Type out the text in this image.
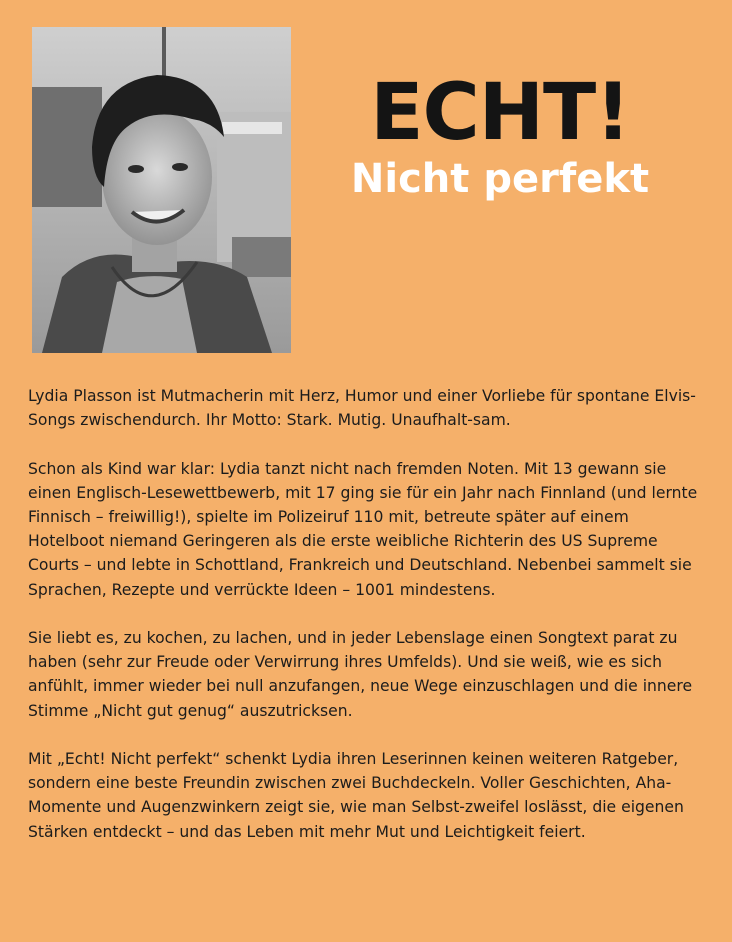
ECHT!
Nicht perfekt

Lydia Plasson ist Mutmacherin mit Herz, Humor und einer Vorliebe für spontane Elvis-Songs zwischendurch. Ihr Motto: Stark. Mutig. Unaufhalt-sam.

Schon als Kind war klar: Lydia tanzt nicht nach fremden Noten. Mit 13 gewann sie einen Englisch-Lesewettbewerb, mit 17 ging sie für ein Jahr nach Finnland (und lernte Finnisch – freiwillig!), spielte im Polizeiruf 110 mit, betreute später auf einem Hotelboot niemand Geringeren als die erste weibliche Richterin des US Supreme Courts – und lebte in Schottland, Frankreich und Deutschland. Nebenbei sammelt sie Sprachen, Rezepte und verrückte Ideen – 1001 mindestens.

Sie liebt es, zu kochen, zu lachen, und in jeder Lebenslage einen Songtext parat zu haben (sehr zur Freude oder Verwirrung ihres Umfelds). Und sie weiß, wie es sich anfühlt, immer wieder bei null anzufangen, neue Wege einzuschlagen und die innere Stimme „Nicht gut genug“ auszutricksen.

Mit „Echt! Nicht perfekt“ schenkt Lydia ihren Leserinnen keinen weiteren Ratgeber, sondern eine beste Freundin zwischen zwei Buchdeckeln. Voller Geschichten, Aha-Momente und Augenzwinkern zeigt sie, wie man Selbst-zweifel loslässt, die eigenen Stärken entdeckt – und das Leben mit mehr Mut und Leichtigkeit feiert.
